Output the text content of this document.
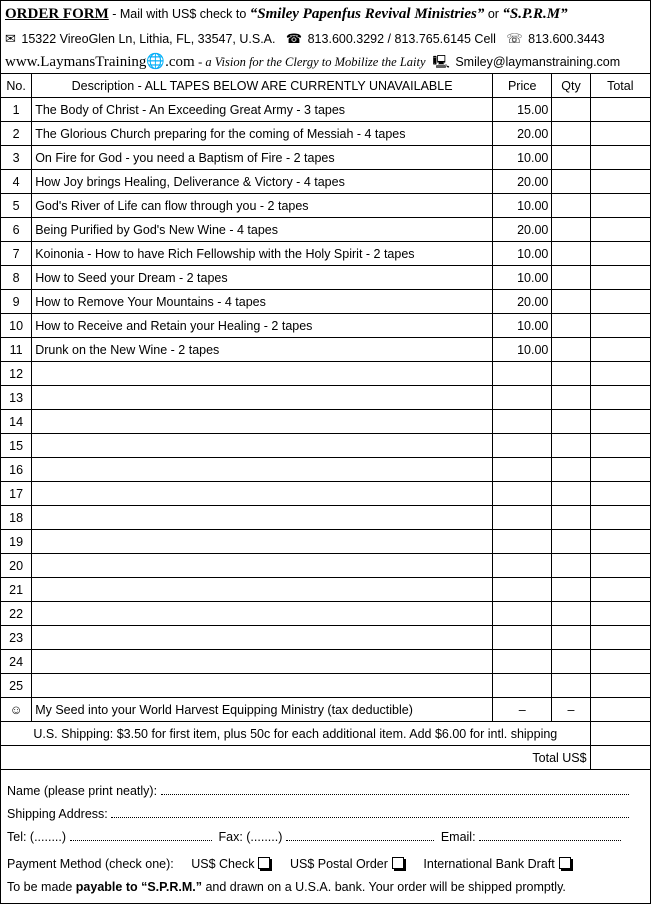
ORDER FORM - Mail with US$ check to “Smiley Papenfus Revival Ministries” or “S.P.R.M”
✉ 15322 VireoGlen Ln, Lithia, FL, 33547, U.S.A. ☎ 813.600.3292 / 813.765.6145 Cell ☏ 813.600.3443
www.LaymansTraining🌐.com - a Vision for the Clergy to Mobilize the Laity 🖳 Smiley@laymanstraining.com
No.	Description - ALL TAPES BELOW ARE CURRENTLY UNAVAILABLE	Price	Qty	Total
1	The Body of Christ - An Exceeding Great Army - 3 tapes	15.00		
2	The Glorious Church preparing for the coming of Messiah - 4 tapes	20.00		
3	On Fire for God - you need a Baptism of Fire - 2 tapes	10.00		
4	How Joy brings Healing, Deliverance & Victory - 4 tapes	20.00		
5	God's River of Life can flow through you - 2 tapes	10.00		
6	Being Purified by God's New Wine - 4 tapes	20.00		
7	Koinonia - How to have Rich Fellowship with the Holy Spirit - 2 tapes	10.00		
8	How to Seed your Dream - 2 tapes	10.00		
9	How to Remove Your Mountains - 4 tapes	20.00		
10	How to Receive and Retain your Healing - 2 tapes	10.00		
11	Drunk on the New Wine - 2 tapes	10.00		
12				
13				
14				
15				
16				
17				
18				
19				
20				
21				
22				
23				
24				
25				
☺	My Seed into your World Harvest Equipping Ministry (tax deductible)	–	–	
U.S. Shipping: $3.50 for first item, plus 50c for each additional item. Add $6.00 for intl. shipping				
Total US$				
Name (please print neatly):
Shipping Address:
Tel: (........)	Fax: (........)	Email:
Payment Method (check one): US$ Check	US$ Postal Order	International Bank Draft
To be made payable to “S.P.R.M.” and drawn on a U.S.A. bank. Your order will be shipped promptly.
